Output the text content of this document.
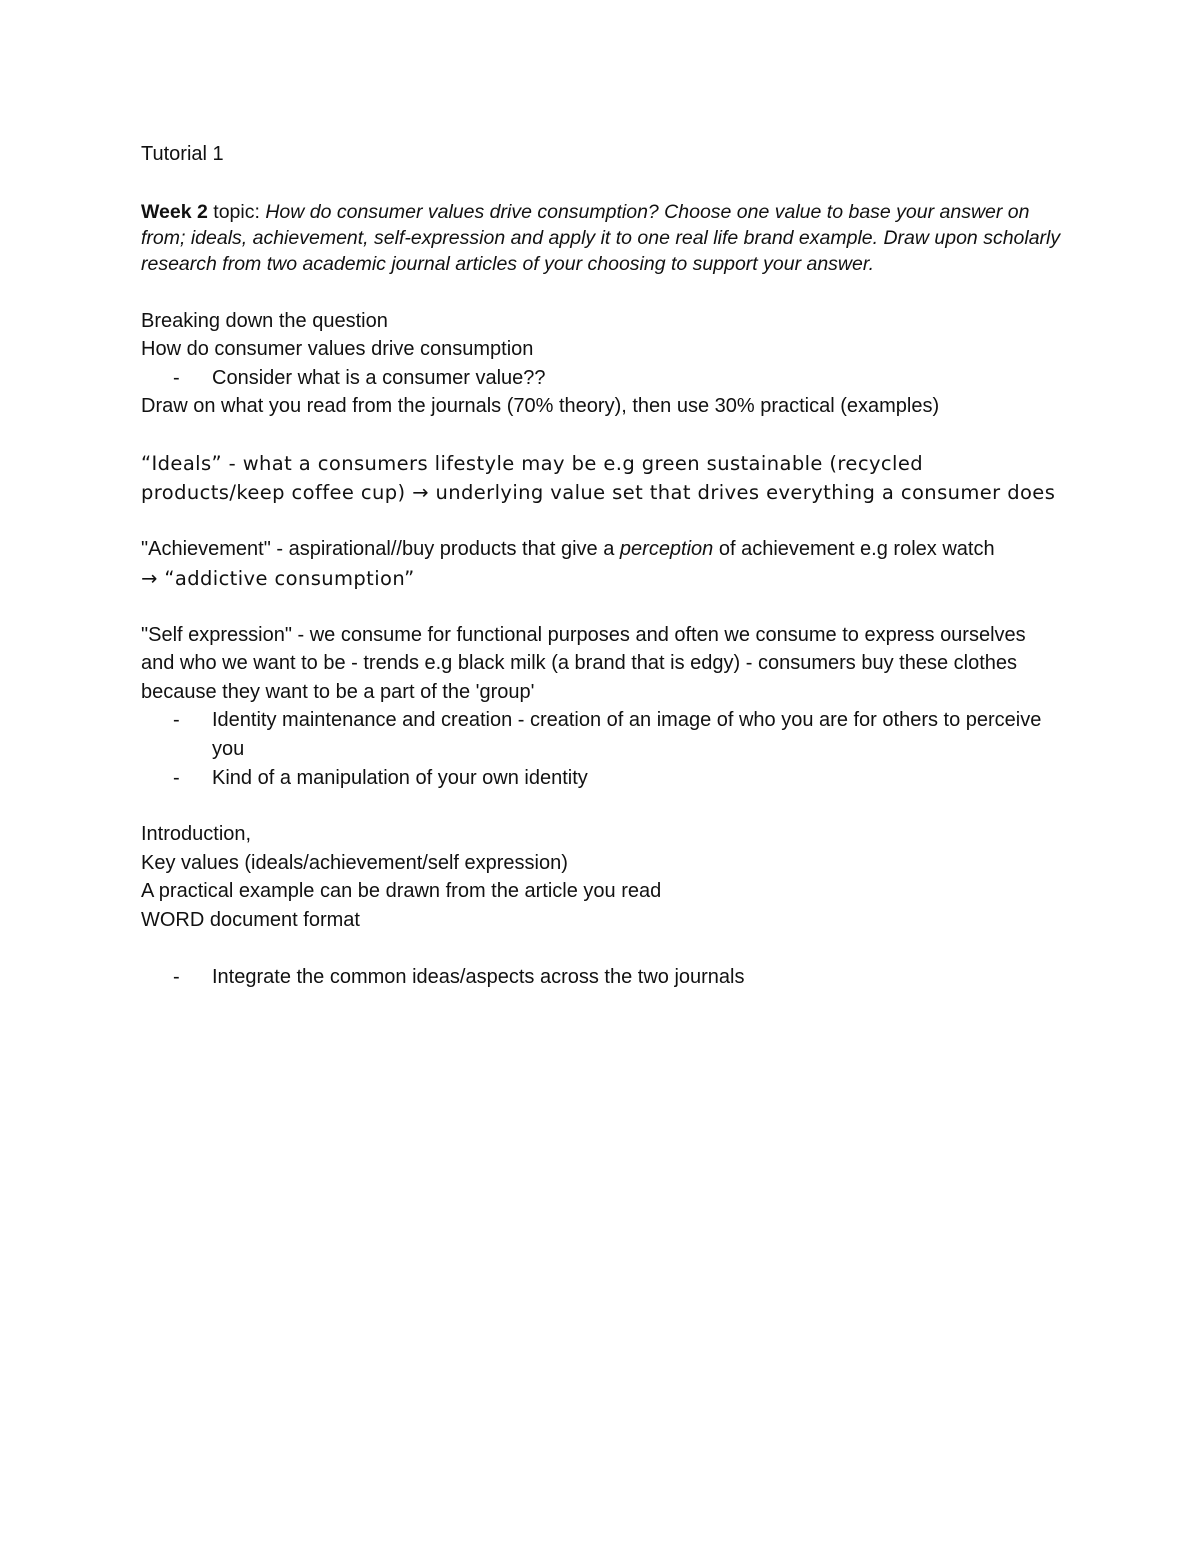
Tutorial 1
Week 2 topic: How do consumer values drive consumption? Choose one value to base your answer on from; ideals, achievement, self-expression and apply it to one real life brand example. Draw upon scholarly research from two academic journal articles of your choosing to support your answer.
Breaking down the question
How do consumer values drive consumption
- Consider what is a consumer value??
Draw on what you read from the journals (70% theory), then use 30% practical (examples)
“Ideals” - what a consumers lifestyle may be e.g green sustainable (recycled products/keep coffee cup) → underlying value set that drives everything a consumer does
"Achievement" - aspirational//buy products that give a perception of achievement e.g rolex watch
→ “addictive consumption”
"Self expression" - we consume for functional purposes and often we consume to express ourselves and who we want to be - trends e.g black milk (a brand that is edgy) - consumers buy these clothes because they want to be a part of the 'group'
- Identity maintenance and creation - creation of an image of who you are for others to perceive you
- Kind of a manipulation of your own identity
Introduction,
Key values (ideals/achievement/self expression)
A practical example can be drawn from the article you read
WORD document format
- Integrate the common ideas/aspects across the two journals
